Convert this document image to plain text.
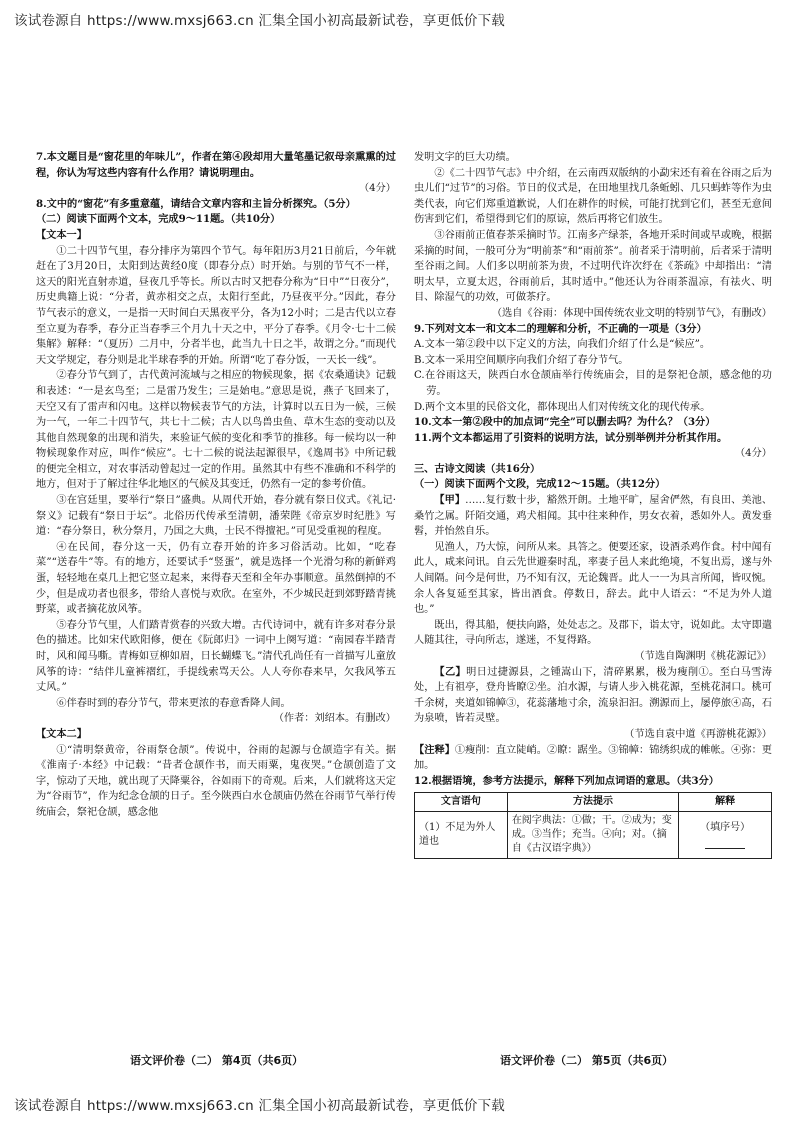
该试卷源自 https://www.mxsj663.cn 汇集全国小初高最新试卷，享更低价下载

7.本文题目是“窗花里的年味儿”，作者在第④段却用大量笔墨记叙母亲熏熏的过程，你认为写这些内容有什么作用？请说明理由。

（4分）

8.文中的“窗花”有多重意蕴，请结合文章内容和主旨分析探究。（5分）

（二）阅读下面两个文本，完成9～11题。（共10分）

【文本一】

①二十四节气里，春分排序为第四个节气。每年阳历3月21日前后，今年就赶在了3月20日，太阳到达黄经0度（即春分点）时开始。与别的节气不一样，这天的阳光直射赤道，昼夜几乎等长。所以古时又把春分称为“日中”“日夜分”，历史典籍上说：“分者，黄赤相交之点，太阳行至此，乃昼夜平分。”因此，春分节气表示的意义，一是指一天时间白天黑夜平分，各为12小时；二是古代以立春至立夏为春季，春分正当春季三个月九十天之中，平分了春季。《月令·七十二候集解》解释：“（夏历）二月中，分者半也，此当九十日之半，故谓之分。”而现代天文学规定，春分则是北半球春季的开始。所谓“吃了春分饭，一天长一线”。

②春分节气到了，古代黄河流域与之相应的物候现象，据《农桑通诀》记载和表述：“一是玄鸟至；二是雷乃发生；三是始电。”意思是说，燕子飞回来了，天空又有了雷声和闪电。这样以物候表节气的方法，计算时以五日为一候，三候为一气，一年二十四节气，共七十二候；古人以鸟兽虫鱼、草木生态的变动以及其他自然现象的出现和消失，来验证气候的变化和季节的推移。每一候均以一种物候现象作对应，叫作“候应”。七十二候的说法起源很早，《逸周书》中所记载的便完全相立，对农事活动曾起过一定的作用。虽然其中有些不准确和不科学的地方，但对于了解过往华北地区的气候及其变迁，仍然有一定的参考价值。

③在宫廷里，要举行“祭日”盛典。从周代开始，春分就有祭日仪式。《礼记·祭义》记载有“祭日于坛”。北俗历代传承至清朝，潘荣陛《帝京岁时纪胜》写道：“春分祭日，秋分祭月，乃国之大典，士民不得擅祀。”可见受重视的程度。

④在民间，春分这一天，仍有立春开始的许多习俗活动。比如，“吃春菜”“送春牛”等。有的地方，还要试手“竖蛋”，就是选择一个光滑匀称的新鲜鸡蛋，轻轻地在桌几上把它竖立起来，来得春天至和全年办事顺意。虽然倒掉的不少，但是成功者也很多，带给人喜悦与欢欣。在室外，不少城民赶到郊野踏青挑野菜，或者摘花放风筝。

⑤春分节气里，人们踏青赏春的兴致大增。古代诗词中，就有许多对春分景色的描述。比如宋代欧阳修，便在《阮郎归》一词中上阕写道：“南园春半踏青时，风和闻马嘶。青梅如豆柳如眉，日长蝴蝶飞。”清代孔尚任有一首描写儿童放风筝的诗：“结伴儿童裤褶红，手提线索骂天公。人人夸你春来早，欠我风筝五丈风。”

⑥伴春时到的春分节气，带来更浓的春意香降人间。

（作者：刘绍本。有删改）

【文本二】

①“清明祭黄帝，谷雨祭仓颉”。传说中，谷雨的起源与仓颉造字有关。据《淮南子·本经》中记载：“昔者仓颉作书，而天雨粟，鬼夜哭。”仓颉创造了文字，惊动了天地，就出现了天降粟谷，谷如雨下的奇观。后来，人们就将这天定为“谷雨节”，作为纪念仓颉的日子。至今陕西白水仓颉庙仍然在谷雨节气举行传统庙会，祭祀仓颉，感念他

发明文字的巨大功绩。

②《二十四节气志》中介绍，在云南西双版纳的小勐宋还有着在谷雨之后为虫儿们“过节”的习俗。节日的仪式是，在田地里找几条蚯蚓、几只蚂蚱等作为虫类代表，向它们郑重道歉说，人们在耕作的时候，可能打扰到它们，甚至无意间伤害到它们，希望得到它们的原谅，然后再将它们放生。

③谷雨前正值春茶采摘时节。江南多产绿茶，各地开采时间或早或晚，根据采摘的时间，一般可分为“明前茶”和“雨前茶”。前者采于清明前，后者采于清明至谷雨之间。人们多以明前茶为贵，不过明代许次纾在《茶疏》中却指出：“清明太早，立夏太迟，谷雨前后，其时适中。”他还认为谷雨茶温凉，有祛火、明目、除湿气的功效，可做茶疗。

（选自《谷雨：体现中国传统农业文明的特别节气》，有删改）

9.下列对文本一和文本二的理解和分析，不正确的一项是（3分）

A.文本一第②段中以下定义的方法，向我们介绍了什么是“候应”。

B.文本一采用空间顺序向我们介绍了春分节气。

C.在谷雨这天，陕西白水仓颉庙举行传统庙会，目的是祭祀仓颉，感念他的功劳。

D.两个文本里的民俗文化，都体现出人们对传统文化的现代传承。

10.文本一第②段中的加点词“完全”可以删去吗？为什么？（3分）

11.两个文本都运用了引资料的说明方法，试分别举例并分析其作用。

（4分）

三、古诗文阅读（共16分）

（一）阅读下面两个文段，完成12～15题。（共12分）

【甲】……复行数十步，豁然开朗。土地平旷，屋舍俨然，有良田、美池、桑竹之属。阡陌交通，鸡犬相闻。其中往来种作，男女衣着，悉如外人。黄发垂髫，并怡然自乐。

见渔人，乃大惊，问所从来。具答之。便要还家，设酒杀鸡作食。村中闻有此人，咸来问讯。自云先世避秦时乱，率妻子邑人来此绝境，不复出焉，遂与外人间隔。问今是何世，乃不知有汉，无论魏晋。此人一一为具言所闻，皆叹惋。余人各复延至其家，皆出酒食。停数日，辞去。此中人语云：“不足为外人道也。”

既出，得其船，便扶向路，处处志之。及郡下，诣太守，说如此。太守即遣人随其往，寻向所志，遂迷，不复得路。

（节选自陶渊明《桃花源记》）

【乙】明日过捷源县，之锺嵩山下，清碎累累，极为瘦削①。至白马雪涛处，上有祖亭，登舟皆瞭②坐。泊水源，与请人步入桃花源，至桃花洞口。桃可千余树，夹道如锦幛③，花蕊藩地寸余，流泉汩汩。溯源而上，屡停旅④高，石为泉喷，皆若灵壁。

（节选自袁中道《再游桃花源》）

【注释】①瘦削：直立陡峭。②瞭：踞坐。③锦幛：锦绣织成的帷帐。④弥：更加。

12.根据语境，参考方法提示，解释下列加点词语的意思。（共3分）

文言语句	方法提示	解释
（1）不足为外人道也	在阅字典法：①做；干。②成为；变成。③当作；充当。④向；对。（摘自《古汉语字典》）	（填序号）

语文评价卷（二） 第4页（共6页）	语文评价卷（二） 第5页（共6页）
该试卷源自 https://www.mxsj663.cn 汇集全国小初高最新试卷，享更低价下载
